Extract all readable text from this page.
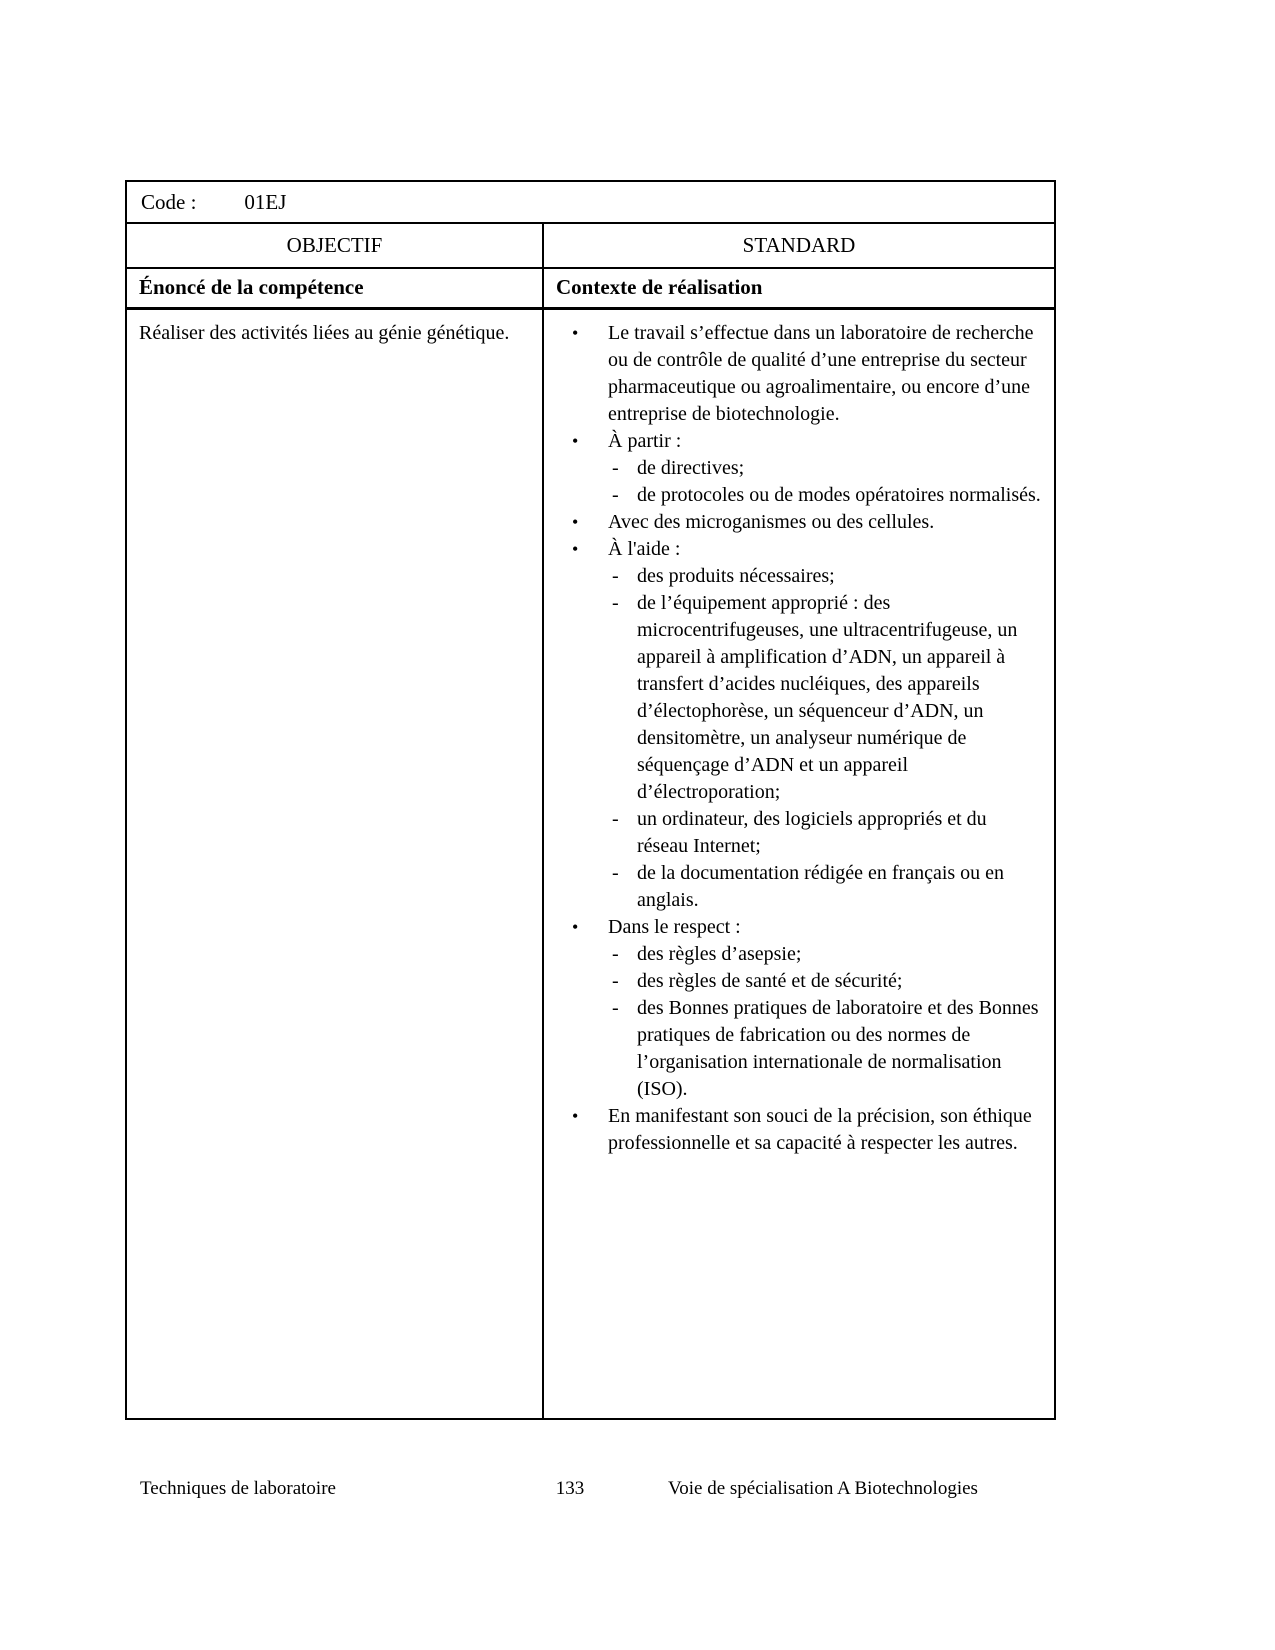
Code : 01EJ
OBJECTIF	STANDARD
Énoncé de la compétence	Contexte de réalisation
Réaliser des activités liées au génie génétique.	•	Le travail s’effectue dans un laboratoire de recherche ou de contrôle de qualité d’une entreprise du secteur pharmaceutique ou agroalimentaire, ou encore d’une entreprise de biotechnologie.
•	À partir :
- de directives;
- de protocoles ou de modes opératoires normalisés.
•	Avec des microganismes ou des cellules.
•	À l'aide :
- des produits nécessaires;
- de l’équipement approprié : des microcentrifugeuses, une ultracentrifugeuse, un appareil à amplification d’ADN, un appareil à transfert d’acides nucléiques, des appareils d’électophorèse, un séquenceur d’ADN, un densitomètre, un analyseur numérique de séquençage d’ADN et un appareil d’électroporation;
- un ordinateur, des logiciels appropriés et du réseau Internet;
- de la documentation rédigée en français ou en anglais.
•	Dans le respect :
- des règles d’asepsie;
- des règles de santé et de sécurité;
- des Bonnes pratiques de laboratoire et des Bonnes pratiques de fabrication ou des normes de l’organisation internationale de normalisation (ISO).
•	En manifestant son souci de la précision, son éthique professionnelle et sa capacité à respecter les autres.
Techniques de laboratoire	133	Voie de spécialisation A Biotechnologies
